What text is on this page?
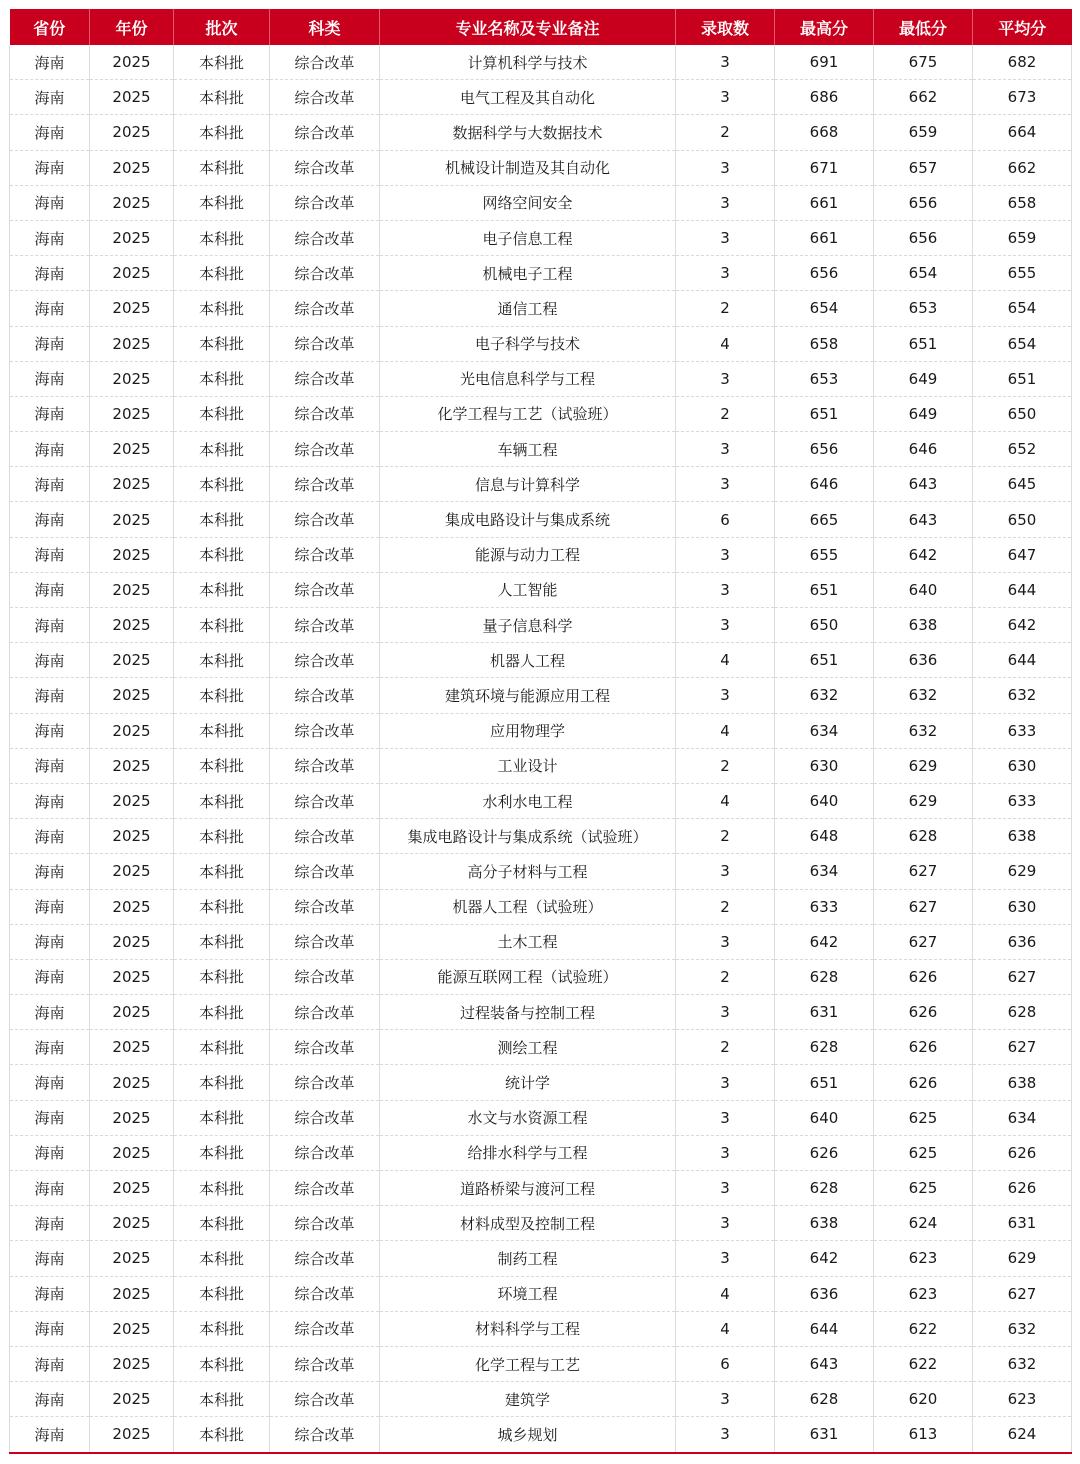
省份	年份	批次	科类	专业名称及专业备注	录取数	最高分	最低分	平均分
海南	2025	本科批	综合改革	计算机科学与技术	3	691	675	682
海南	2025	本科批	综合改革	电气工程及其自动化	3	686	662	673
海南	2025	本科批	综合改革	数据科学与大数据技术	2	668	659	664
海南	2025	本科批	综合改革	机械设计制造及其自动化	3	671	657	662
海南	2025	本科批	综合改革	网络空间安全	3	661	656	658
海南	2025	本科批	综合改革	电子信息工程	3	661	656	659
海南	2025	本科批	综合改革	机械电子工程	3	656	654	655
海南	2025	本科批	综合改革	通信工程	2	654	653	654
海南	2025	本科批	综合改革	电子科学与技术	4	658	651	654
海南	2025	本科批	综合改革	光电信息科学与工程	3	653	649	651
海南	2025	本科批	综合改革	化学工程与工艺（试验班）	2	651	649	650
海南	2025	本科批	综合改革	车辆工程	3	656	646	652
海南	2025	本科批	综合改革	信息与计算科学	3	646	643	645
海南	2025	本科批	综合改革	集成电路设计与集成系统	6	665	643	650
海南	2025	本科批	综合改革	能源与动力工程	3	655	642	647
海南	2025	本科批	综合改革	人工智能	3	651	640	644
海南	2025	本科批	综合改革	量子信息科学	3	650	638	642
海南	2025	本科批	综合改革	机器人工程	4	651	636	644
海南	2025	本科批	综合改革	建筑环境与能源应用工程	3	632	632	632
海南	2025	本科批	综合改革	应用物理学	4	634	632	633
海南	2025	本科批	综合改革	工业设计	2	630	629	630
海南	2025	本科批	综合改革	水利水电工程	4	640	629	633
海南	2025	本科批	综合改革	集成电路设计与集成系统（试验班）	2	648	628	638
海南	2025	本科批	综合改革	高分子材料与工程	3	634	627	629
海南	2025	本科批	综合改革	机器人工程（试验班）	2	633	627	630
海南	2025	本科批	综合改革	土木工程	3	642	627	636
海南	2025	本科批	综合改革	能源互联网工程（试验班）	2	628	626	627
海南	2025	本科批	综合改革	过程装备与控制工程	3	631	626	628
海南	2025	本科批	综合改革	测绘工程	2	628	626	627
海南	2025	本科批	综合改革	统计学	3	651	626	638
海南	2025	本科批	综合改革	水文与水资源工程	3	640	625	634
海南	2025	本科批	综合改革	给排水科学与工程	3	626	625	626
海南	2025	本科批	综合改革	道路桥梁与渡河工程	3	628	625	626
海南	2025	本科批	综合改革	材料成型及控制工程	3	638	624	631
海南	2025	本科批	综合改革	制药工程	3	642	623	629
海南	2025	本科批	综合改革	环境工程	4	636	623	627
海南	2025	本科批	综合改革	材料科学与工程	4	644	622	632
海南	2025	本科批	综合改革	化学工程与工艺	6	643	622	632
海南	2025	本科批	综合改革	建筑学	3	628	620	623
海南	2025	本科批	综合改革	城乡规划	3	631	613	624
